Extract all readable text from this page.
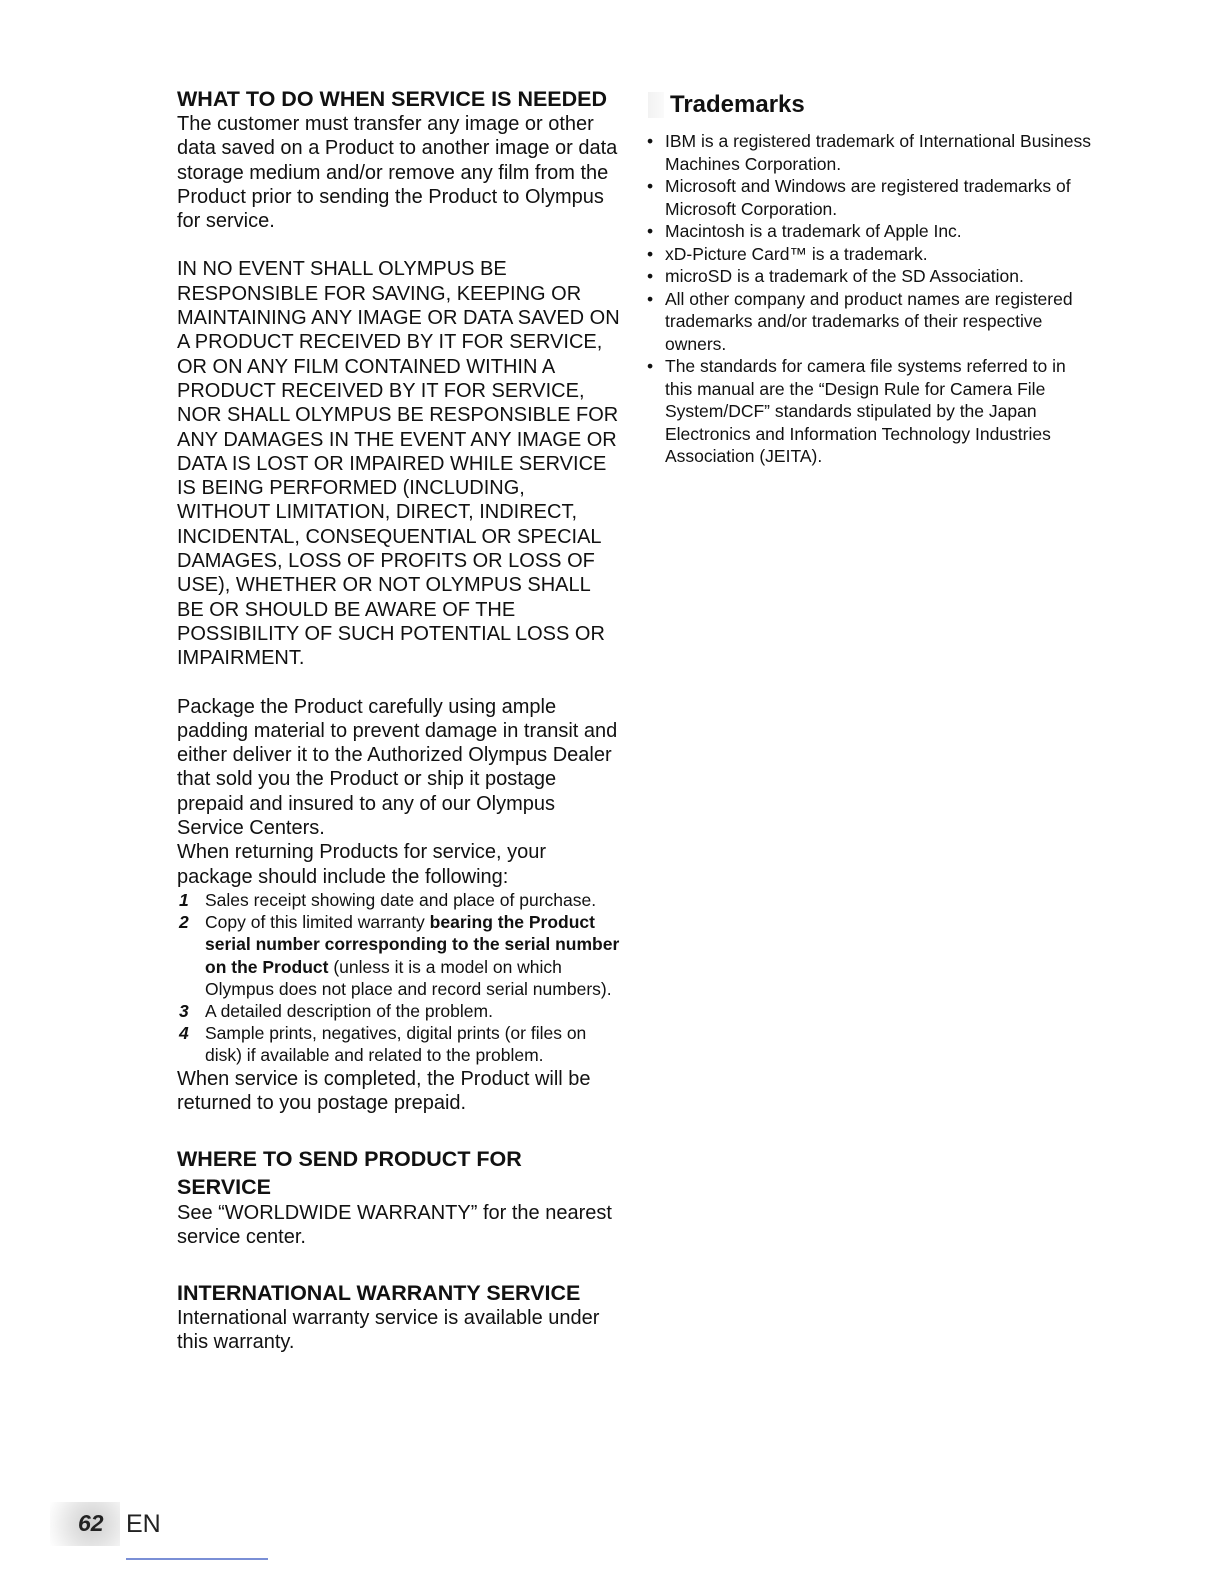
WHAT TO DO WHEN SERVICE IS NEEDED

The customer must transfer any image or other data saved on a Product to another image or data storage medium and/or remove any film from the Product prior to sending the Product to Olympus for service.

IN NO EVENT SHALL OLYMPUS BE RESPONSIBLE FOR SAVING, KEEPING OR MAINTAINING ANY IMAGE OR DATA SAVED ON A PRODUCT RECEIVED BY IT FOR SERVICE, OR ON ANY FILM CONTAINED WITHIN A PRODUCT RECEIVED BY IT FOR SERVICE, NOR SHALL OLYMPUS BE RESPONSIBLE FOR ANY DAMAGES IN THE EVENT ANY IMAGE OR DATA IS LOST OR IMPAIRED WHILE SERVICE IS BEING PERFORMED (INCLUDING, WITHOUT LIMITATION, DIRECT, INDIRECT, INCIDENTAL, CONSEQUENTIAL OR SPECIAL DAMAGES, LOSS OF PROFITS OR LOSS OF USE), WHETHER OR NOT OLYMPUS SHALL BE OR SHOULD BE AWARE OF THE POSSIBILITY OF SUCH POTENTIAL LOSS OR IMPAIRMENT.

Package the Product carefully using ample padding material to prevent damage in transit and either deliver it to the Authorized Olympus Dealer that sold you the Product or ship it postage prepaid and insured to any of our Olympus Service Centers.

When returning Products for service, your package should include the following:

1 Sales receipt showing date and place of purchase.
2 Copy of this limited warranty bearing the Product serial number corresponding to the serial number on the Product (unless it is a model on which Olympus does not place and record serial numbers).
3 A detailed description of the problem.
4 Sample prints, negatives, digital prints (or files on disk) if available and related to the problem.

When service is completed, the Product will be returned to you postage prepaid.

WHERE TO SEND PRODUCT FOR SERVICE

See “WORLDWIDE WARRANTY” for the nearest service center.

INTERNATIONAL WARRANTY SERVICE

International warranty service is available under this warranty.

Trademarks
• IBM is a registered trademark of International Business Machines Corporation.
• Microsoft and Windows are registered trademarks of Microsoft Corporation.
• Macintosh is a trademark of Apple Inc.
• xD-Picture Card™ is a trademark.
• microSD is a trademark of the SD Association.
• All other company and product names are registered trademarks and/or trademarks of their respective owners.
• The standards for camera file systems referred to in this manual are the “Design Rule for Camera File System/DCF” standards stipulated by the Japan Electronics and Information Technology Industries Association (JEITA).
62 EN
